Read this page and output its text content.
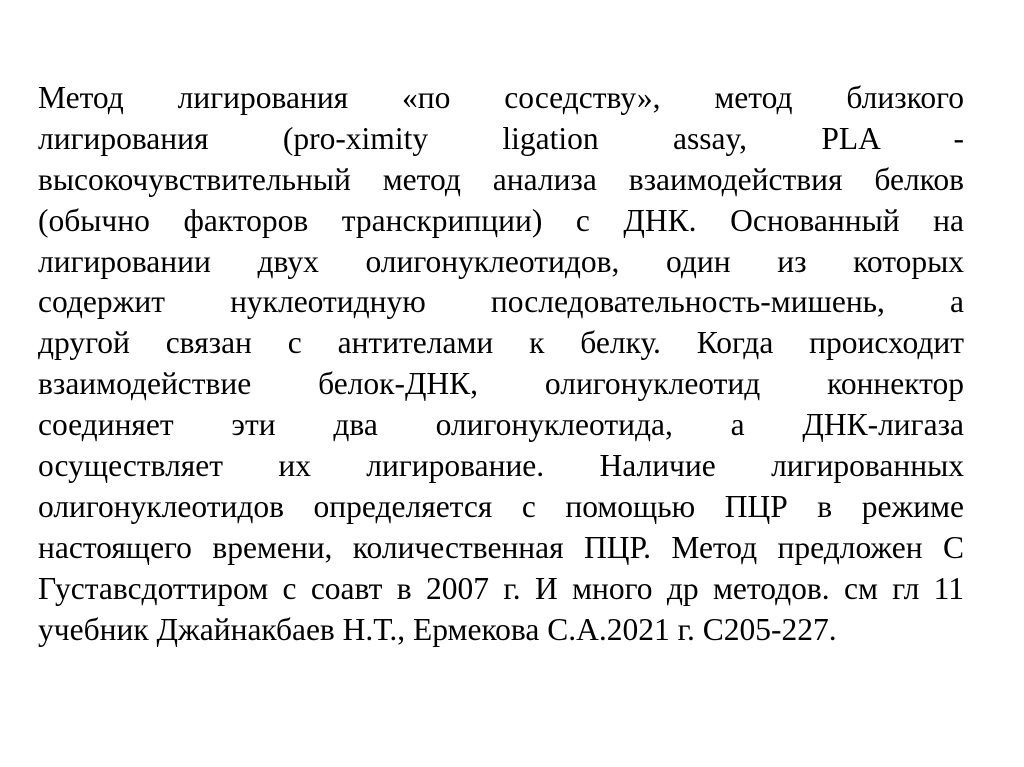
Метод лигирования «по соседству», метод близкого
лигирования (pro-ximity ligation assay, PLA -
высокочувствительный метод анализа взаимодействия белков
(обычно факторов транскрипции) с ДНК. Основанный на
лигировании двух олигонуклеотидов, один из которых
содержит нуклеотидную последовательность-мишень, а
другой связан с антителами к белку. Когда происходит
взаимодействие белок-ДНК, олигонуклеотид коннектор
соединяет эти два олигонуклеотида, а ДНК-лигаза
осуществляет их лигирование. Наличие лигированных
олигонуклеотидов определяется с помощью ПЦР в режиме
настоящего времени, количественная ПЦР. Метод предложен С
Густавсдоттиром с соавт в 2007 г. И много др методов. см гл 11
учебник Джайнакбаев Н.Т., Ермекова С.А.2021 г. С205-227.
